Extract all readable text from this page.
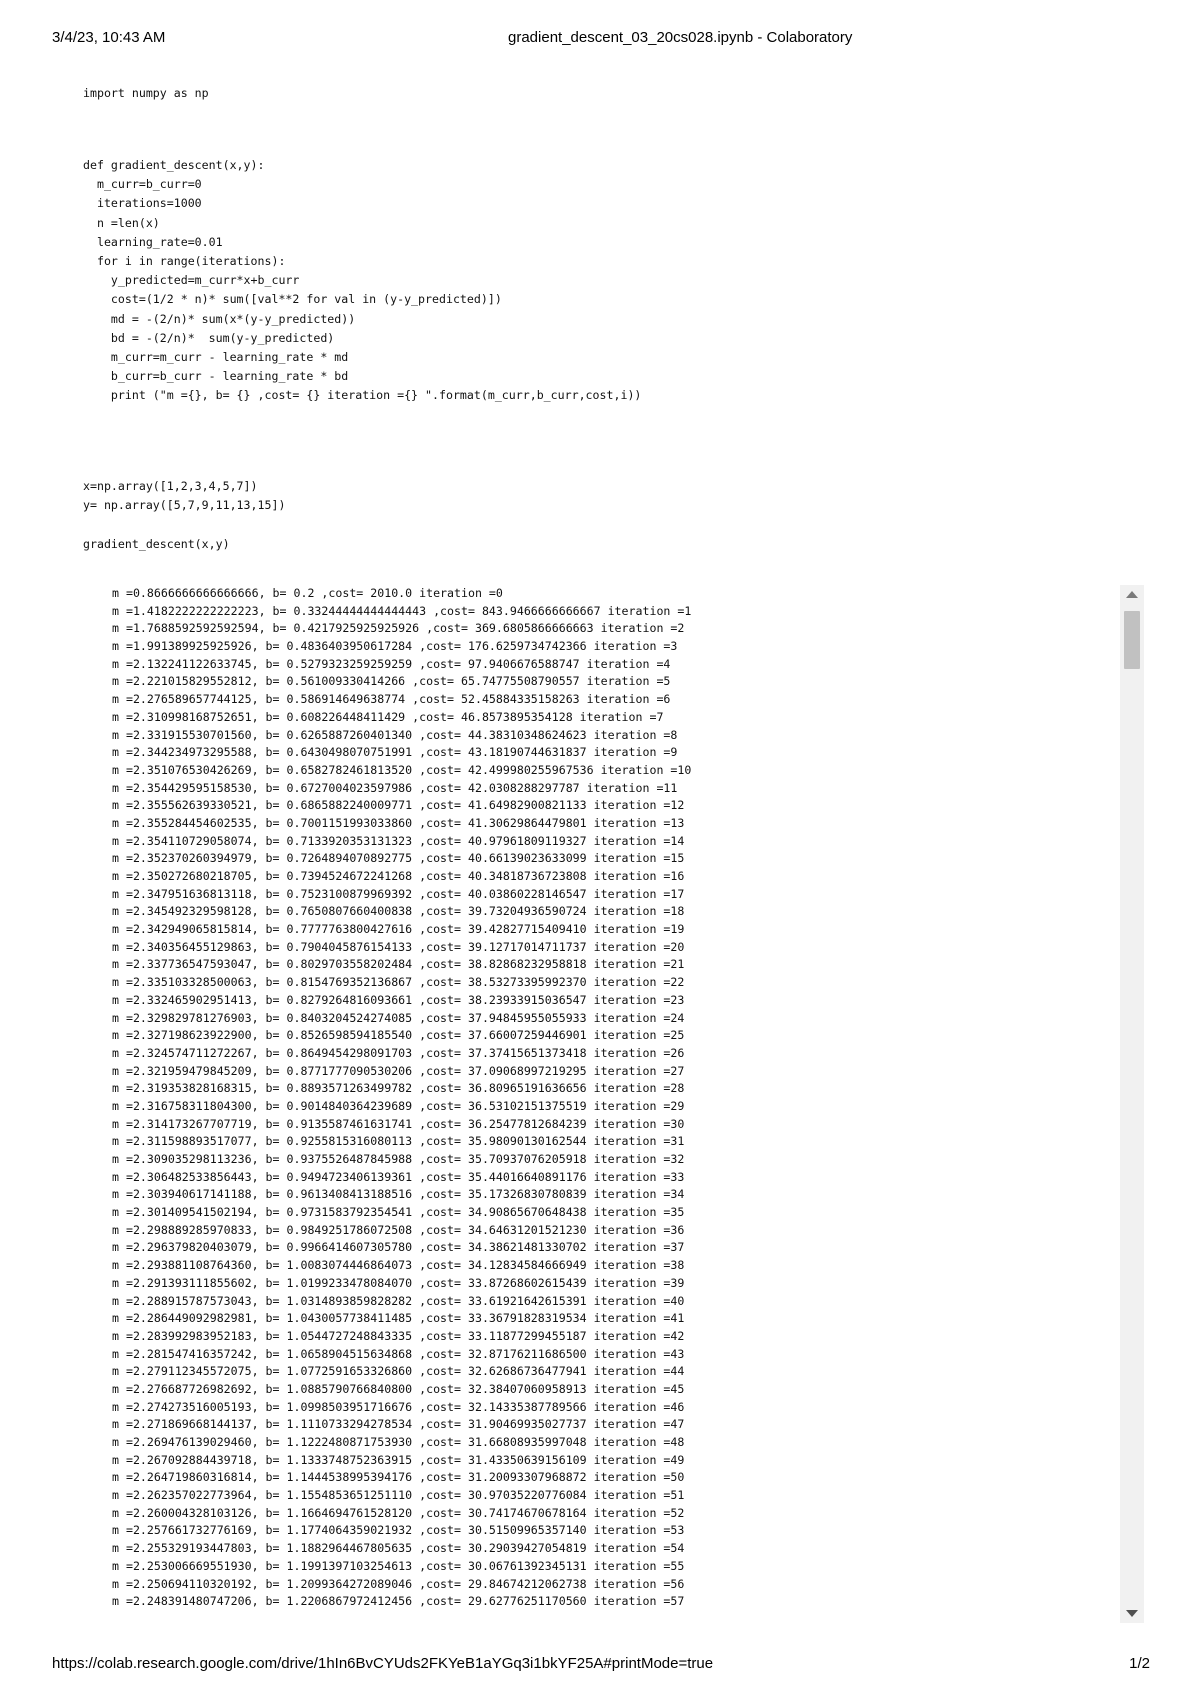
3/4/23, 10:43 AM	gradient_descent_03_20cs028.ipynb - Colaboratory
import numpy as np
def gradient_descent(x,y):
m_curr=b_curr=0
iterations=1000
n =len(x)
learning_rate=0.01
for i in range(iterations):
y_predicted=m_curr*x+b_curr
cost=(1/2 * n)* sum([val**2 for val in (y-y_predicted)])
md = -(2/n)* sum(x*(y-y_predicted))
bd = -(2/n)*  sum(y-y_predicted)
m_curr=m_curr - learning_rate * md
b_curr=b_curr - learning_rate * bd
print ("m ={}, b= {} ,cost= {} iteration ={} ".format(m_curr,b_curr,cost,i))
x=np.array([1,2,3,4,5,7])
y= np.array([5,7,9,11,13,15])
gradient_descent(x,y)
m =0.8666666666666666, b= 0.2 ,cost= 2010.0 iteration =0
m =1.4182222222222223, b= 0.33244444444444443 ,cost= 843.9466666666667 iteration =1
m =1.7688592592592594, b= 0.4217925925925926 ,cost= 369.6805866666663 iteration =2
m =1.991389925925926, b= 0.4836403950617284 ,cost= 176.6259734742366 iteration =3
m =2.132241122633745, b= 0.5279323259259259 ,cost= 97.9406676588747 iteration =4
m =2.221015829552812, b= 0.561009330414266 ,cost= 65.74775508790557 iteration =5
m =2.276589657744125, b= 0.586914649638774 ,cost= 52.45884335158263 iteration =6
m =2.310998168752651, b= 0.608226448411429 ,cost= 46.8573895354128 iteration =7
m =2.331915530701560, b= 0.6265887260401340 ,cost= 44.38310348624623 iteration =8
m =2.344234973295588, b= 0.6430498070751991 ,cost= 43.18190744631837 iteration =9
m =2.351076530426269, b= 0.6582782461813520 ,cost= 42.499980255967536 iteration =10
m =2.354429595158530, b= 0.6727004023597986 ,cost= 42.0308288297787 iteration =11
m =2.355562639330521, b= 0.6865882240009771 ,cost= 41.64982900821133 iteration =12
m =2.355284454602535, b= 0.7001151993033860 ,cost= 41.30629864479801 iteration =13
m =2.354110729058074, b= 0.7133920353131323 ,cost= 40.97961809119327 iteration =14
m =2.352370260394979, b= 0.7264894070892775 ,cost= 40.66139023633099 iteration =15
m =2.350272680218705, b= 0.7394524672241268 ,cost= 40.34818736723808 iteration =16
m =2.347951636813118, b= 0.7523100879969392 ,cost= 40.03860228146547 iteration =17
m =2.345492329598128, b= 0.7650807660400838 ,cost= 39.73204936590724 iteration =18
m =2.342949065815814, b= 0.7777763800427616 ,cost= 39.42827715409410 iteration =19
m =2.340356455129863, b= 0.7904045876154133 ,cost= 39.12717014711737 iteration =20
m =2.337736547593047, b= 0.8029703558202484 ,cost= 38.82868232958818 iteration =21
m =2.335103328500063, b= 0.8154769352136867 ,cost= 38.53273395992370 iteration =22
m =2.332465902951413, b= 0.8279264816093661 ,cost= 38.23933915036547 iteration =23
m =2.329829781276903, b= 0.8403204524274085 ,cost= 37.94845955055933 iteration =24
m =2.327198623922900, b= 0.8526598594185540 ,cost= 37.66007259446901 iteration =25
m =2.324574711272267, b= 0.8649454298091703 ,cost= 37.37415651373418 iteration =26
m =2.321959479845209, b= 0.8771777090530206 ,cost= 37.09068997219295 iteration =27
m =2.319353828168315, b= 0.8893571263499782 ,cost= 36.80965191636656 iteration =28
m =2.316758311804300, b= 0.9014840364239689 ,cost= 36.53102151375519 iteration =29
m =2.314173267707719, b= 0.9135587461631741 ,cost= 36.25477812684239 iteration =30
m =2.311598893517077, b= 0.9255815316080113 ,cost= 35.98090130162544 iteration =31
m =2.309035298113236, b= 0.9375526487845988 ,cost= 35.70937076205918 iteration =32
m =2.306482533856443, b= 0.9494723406139361 ,cost= 35.44016640891176 iteration =33
m =2.303940617141188, b= 0.9613408413188516 ,cost= 35.17326830780839 iteration =34
m =2.301409541502194, b= 0.9731583792354541 ,cost= 34.90865670648438 iteration =35
m =2.298889285970833, b= 0.9849251786072508 ,cost= 34.64631201521230 iteration =36
m =2.296379820403079, b= 0.9966414607305780 ,cost= 34.38621481330702 iteration =37
m =2.293881108764360, b= 1.0083074446864073 ,cost= 34.12834584666949 iteration =38
m =2.291393111855602, b= 1.0199233478084070 ,cost= 33.87268602615439 iteration =39
m =2.288915787573043, b= 1.0314893859828282 ,cost= 33.61921642615391 iteration =40
m =2.286449092982981, b= 1.0430057738411485 ,cost= 33.36791828319534 iteration =41
m =2.283992983952183, b= 1.0544727248843335 ,cost= 33.11877299455187 iteration =42
m =2.281547416357242, b= 1.0658904515634868 ,cost= 32.87176211686500 iteration =43
m =2.279112345572075, b= 1.0772591653326860 ,cost= 32.62686736477941 iteration =44
m =2.276687726982692, b= 1.0885790766840800 ,cost= 32.38407060958913 iteration =45
m =2.274273516005193, b= 1.0998503951716676 ,cost= 32.14335387789566 iteration =46
m =2.271869668144137, b= 1.1110733294278534 ,cost= 31.90469935027737 iteration =47
m =2.269476139029460, b= 1.1222480871753930 ,cost= 31.66808935997048 iteration =48
m =2.267092884439718, b= 1.1333748752363915 ,cost= 31.43350639156109 iteration =49
m =2.264719860316814, b= 1.1444538995394176 ,cost= 31.20093307968872 iteration =50
m =2.262357022773964, b= 1.1554853651251110 ,cost= 30.97035220776084 iteration =51
m =2.260004328103126, b= 1.1664694761528120 ,cost= 30.74174670678164 iteration =52
m =2.257661732776169, b= 1.1774064359021932 ,cost= 30.51509965357140 iteration =53
m =2.255329193447803, b= 1.1882964467805635 ,cost= 30.29039427054819 iteration =54
m =2.253006669551930, b= 1.1991397103254613 ,cost= 30.06761392345131 iteration =55
m =2.250694110320192, b= 1.2099364272089046 ,cost= 29.84674212062738 iteration =56
m =2.248391480747206, b= 1.2206867972412456 ,cost= 29.62776251170560 iteration =57
https://colab.research.google.com/drive/1hIn6BvCYUds2FKYeB1aYGq3i1bkYF25A#printMode=true	1/2
